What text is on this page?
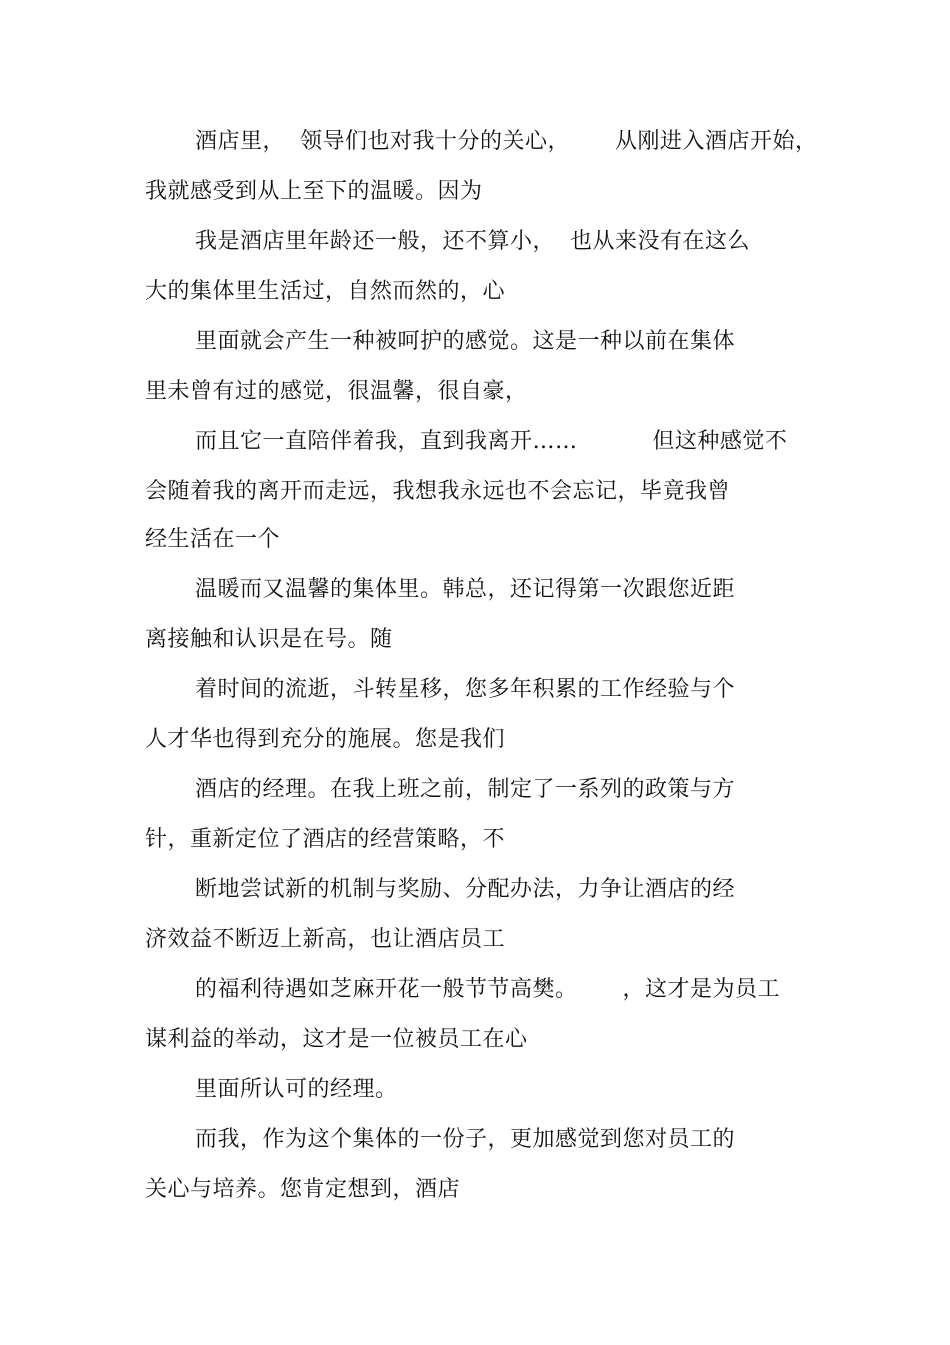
酒店里，  领导们也对我十分的关心，      从刚进入酒店开始，
我就感受到从上至下的温暖。因为
我是酒店里年龄还一般，还不算小，  也从来没有在这么
大的集体里生活过，自然而然的，心
里面就会产生一种被呵护的感觉。这是一种以前在集体
里未曾有过的感觉，很温馨，很自豪，
而且它一直陪伴着我，直到我离开……          但这种感觉不
会随着我的离开而走远，我想我永远也不会忘记，毕竟我曾
经生活在一个
温暖而又温馨的集体里。韩总，还记得第一次跟您近距
离接触和认识是在号。随
着时间的流逝，斗转星移，您多年积累的工作经验与个
人才华也得到充分的施展。您是我们
酒店的经理。在我上班之前，制定了一系列的政策与方
针，重新定位了酒店的经营策略，不
断地尝试新的机制与奖励、分配办法，力争让酒店的经
济效益不断迈上新高，也让酒店员工
的福利待遇如芝麻开花一般节节高樊。      ，这才是为员工
谋利益的举动，这才是一位被员工在心
里面所认可的经理。
而我，作为这个集体的一份子，更加感觉到您对员工的
关心与培养。您肯定想到，酒店
